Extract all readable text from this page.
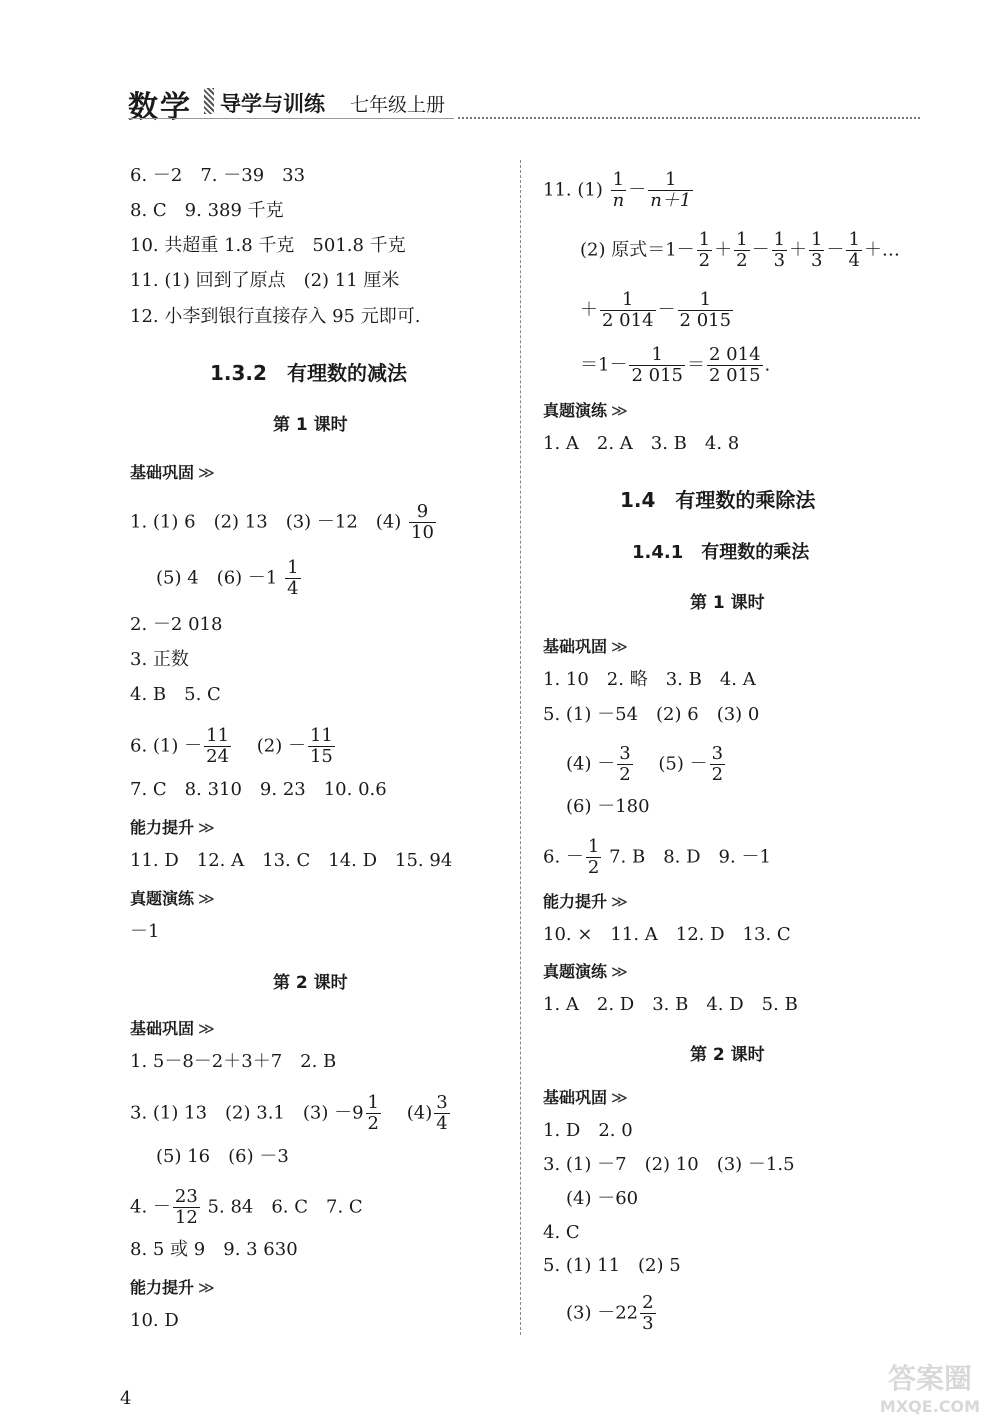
数学 导学与训练 七年级上册
6. －2　7. －39　33
8. C　9. 389 千克
10. 共超重 1.8 千克　501.8 千克
11. (1) 回到了原点　(2) 11 厘米
12. 小李到银行直接存入 95 元即可.
1.3.2　有理数的减法
第 1 课时
基础巩固 ≫
1. (1) 6　(2) 13　(3) －12　$(4) \frac{9}{10}$
(5) 4　$(6) -1 \frac{1}{4}$
2. －2 018
3. 正数
4. B　5. C
6. $(1) - \frac{11}{24}$
　 $(2) - \frac{11}{15}$
7. C　8. 310　9. 23　10. 0.6
能力提升 ≫
11. D　12. A　13. C　14. D　15. 94
真题演练 ≫
－1
第 2 课时
基础巩固 ≫
1. 5－8－2＋3＋7　2. B
3. (1) 13　(2) 3.1　$(3) -9 \frac{1}{2}$
　 $(4) \frac{3}{4}$
(5) 16　(6) －3
4. － $\frac{23}{12} 5$. 84　6. C　7. C
8. 5 或 9　9. 3 630
能力提升 ≫
10. D
11. $(1) \frac{1}{n} - \frac{1}{n+1}$
(2) 原式$=1- \frac{1}{2} + \frac{1}{2} - \frac{1}{3} + \frac{1}{3} - \frac{1}{4}$ ＋…
＋ $\frac{1}{2 014} - \frac{1}{2 015}$
$=1- \frac{1}{2 015} = \frac{2 014}{2 015}$ .
真题演练 ≫
1. A　2. A　3. B　4. 8
1.4　有理数的乘除法
1.4.1　有理数的乘法
第 1 课时
基础巩固 ≫
1. 10　2. 略　3. B　4. A
5. (1) －54　(2) 6　(3) 0
$(4) - \frac{3}{2}$
　 $(5) - \frac{3}{2}$
(6) －180
6. － $\frac{1}{2} 7$. B　8. D　9. －1
能力提升 ≫
10. ×　11. A　12. D　13. C
真题演练 ≫
1. A　2. D　3. B　4. D　5. B
第 2 课时
基础巩固 ≫
1. D　2. 0
3. (1) －7　(2) 10　(3) －1.5
(4) －60
4. C
5. (1) 11　(2) 5
$(3) -22 \frac{2}{3}$
4
答案圈
MXQE.COM
